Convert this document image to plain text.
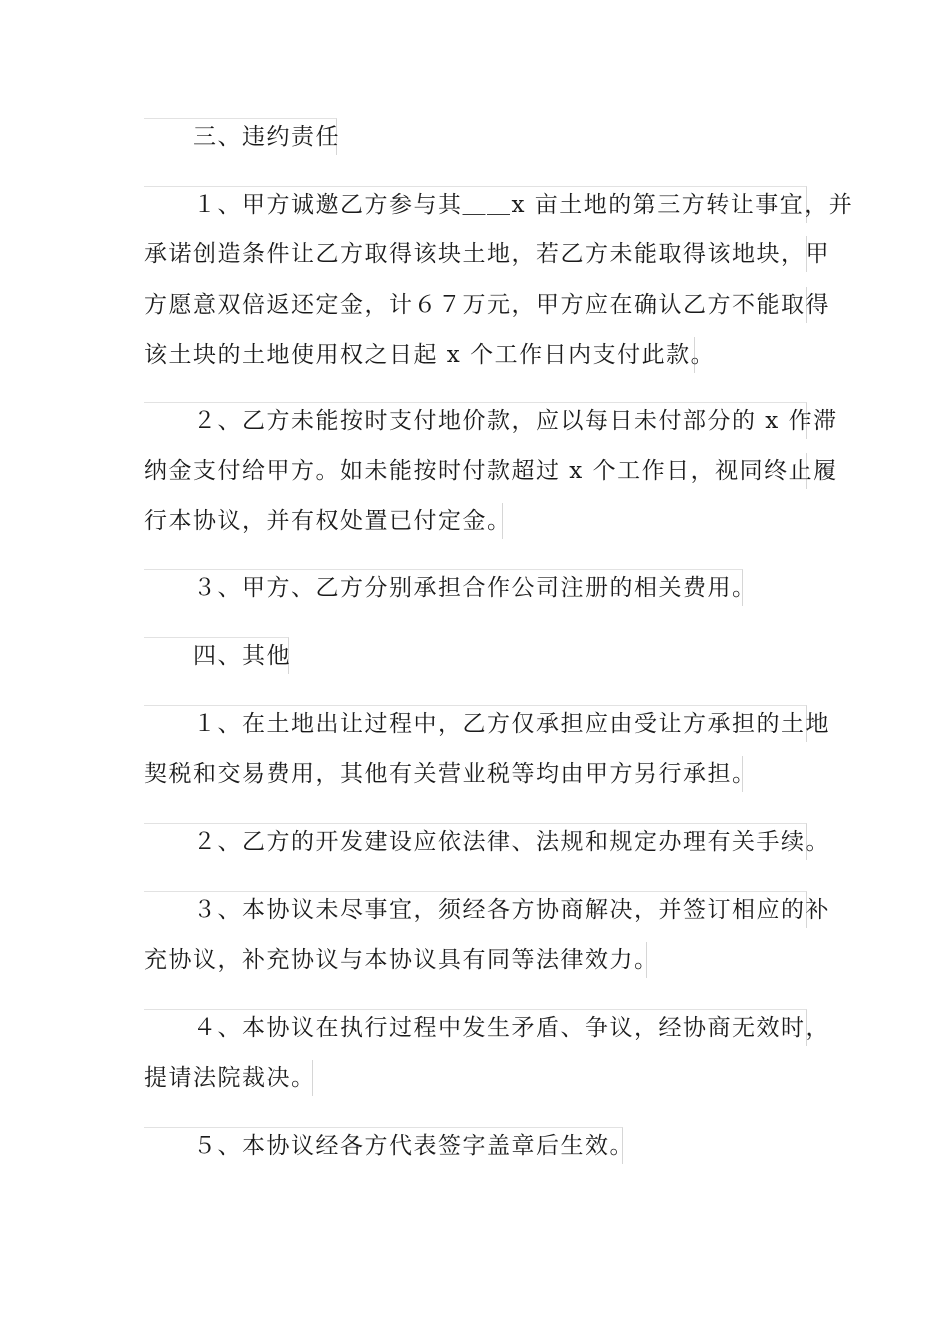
　　三、违约责任
　　１、甲方诚邀乙方参与其＿＿x 亩土地的第三方转让事宜，并
承诺创造条件让乙方取得该块土地，若乙方未能取得该地块，甲
方愿意双倍返还定金，计６７万元，甲方应在确认乙方不能取得
该土块的土地使用权之日起 x 个工作日内支付此款。
　　２、乙方未能按时支付地价款，应以每日未付部分的 x 作滞
纳金支付给甲方。如未能按时付款超过 x 个工作日，视同终止履
行本协议，并有权处置已付定金。
　　３、甲方、乙方分别承担合作公司注册的相关费用。
　　四、其他
　　１、在土地出让过程中，乙方仅承担应由受让方承担的土地
契税和交易费用，其他有关营业税等均由甲方另行承担。
　　２、乙方的开发建设应依法律、法规和规定办理有关手续。
　　３、本协议未尽事宜，须经各方协商解决，并签订相应的补
充协议，补充协议与本协议具有同等法律效力。
　　４、本协议在执行过程中发生矛盾、争议，经协商无效时，
提请法院裁决。
　　５、本协议经各方代表签字盖章后生效。
